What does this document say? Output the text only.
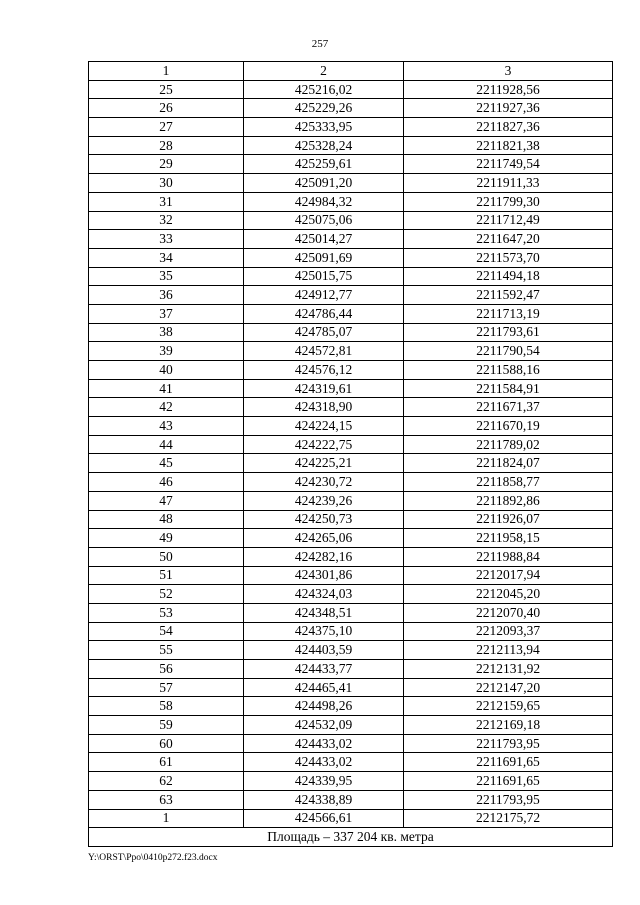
257
1	2	3
25	425216,02	2211928,56
26	425229,26	2211927,36
27	425333,95	2211827,36
28	425328,24	2211821,38
29	425259,61	2211749,54
30	425091,20	2211911,33
31	424984,32	2211799,30
32	425075,06	2211712,49
33	425014,27	2211647,20
34	425091,69	2211573,70
35	425015,75	2211494,18
36	424912,77	2211592,47
37	424786,44	2211713,19
38	424785,07	2211793,61
39	424572,81	2211790,54
40	424576,12	2211588,16
41	424319,61	2211584,91
42	424318,90	2211671,37
43	424224,15	2211670,19
44	424222,75	2211789,02
45	424225,21	2211824,07
46	424230,72	2211858,77
47	424239,26	2211892,86
48	424250,73	2211926,07
49	424265,06	2211958,15
50	424282,16	2211988,84
51	424301,86	2212017,94
52	424324,03	2212045,20
53	424348,51	2212070,40
54	424375,10	2212093,37
55	424403,59	2212113,94
56	424433,77	2212131,92
57	424465,41	2212147,20
58	424498,26	2212159,65
59	424532,09	2212169,18
60	424433,02	2211793,95
61	424433,02	2211691,65
62	424339,95	2211691,65
63	424338,89	2211793,95
1	424566,61	2212175,72
Площадь – 337 204 кв. метра		
Y:\ORST\Ppo\0410p272.f23.docx
